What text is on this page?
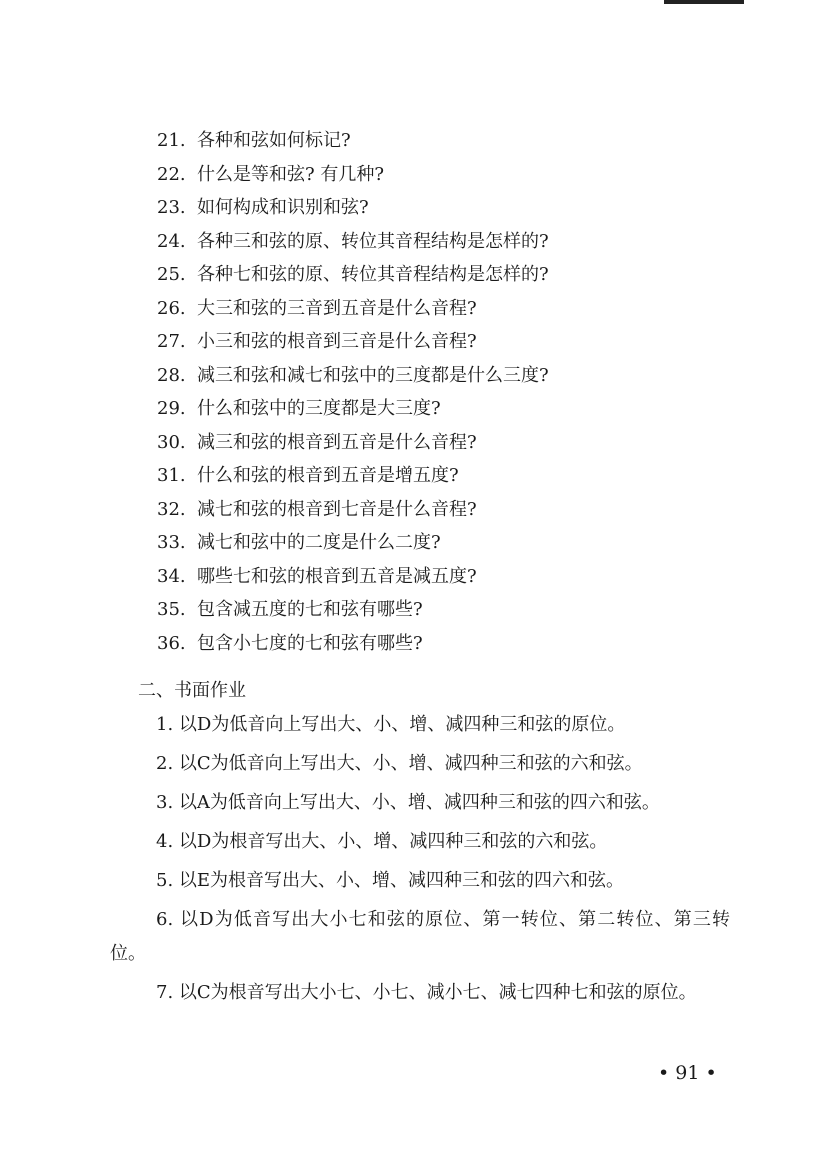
21. 各种和弦如何标记?
22. 什么是等和弦? 有几种?
23. 如何构成和识别和弦?
24. 各种三和弦的原、转位其音程结构是怎样的?
25. 各种七和弦的原、转位其音程结构是怎样的?
26. 大三和弦的三音到五音是什么音程?
27. 小三和弦的根音到三音是什么音程?
28. 减三和弦和减七和弦中的三度都是什么三度?
29. 什么和弦中的三度都是大三度?
30. 减三和弦的根音到五音是什么音程?
31. 什么和弦的根音到五音是增五度?
32. 减七和弦的根音到七音是什么音程?
33. 减七和弦中的二度是什么二度?
34. 哪些七和弦的根音到五音是减五度?
35. 包含减五度的七和弦有哪些?
36. 包含小七度的七和弦有哪些?
二、书面作业

1. 以D为低音向上写出大、小、增、减四种三和弦的原位。

2. 以C为低音向上写出大、小、增、减四种三和弦的六和弦。

3. 以A为低音向上写出大、小、增、减四种三和弦的四六和弦。

4. 以D为根音写出大、小、增、减四种三和弦的六和弦。

5. 以E为根音写出大、小、增、减四种三和弦的四六和弦。

6. 以D为低音写出大小七和弦的原位、第一转位、第二转位、第三转位。

7. 以C为根音写出大小七、小七、减小七、减七四种七和弦的原位。

• 91 •
